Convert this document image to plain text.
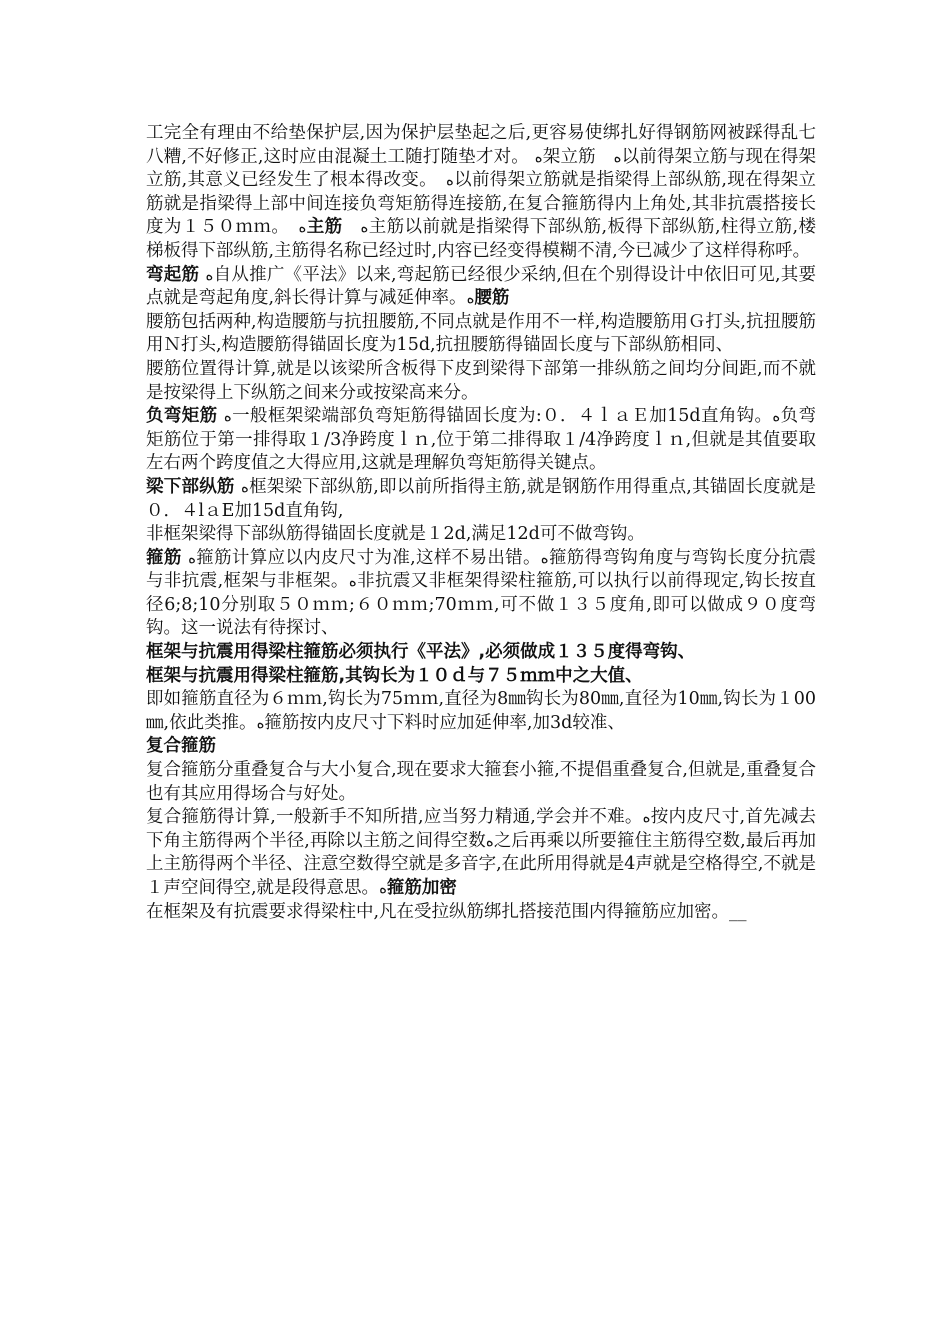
工完全有理由不给垫保护层,因为保护层垫起之后,更容易使绑扎好得钢筋网被踩得乱七八糟,不好修正,这时应由混凝土工随打随垫才对。 ه架立筋　ه以前得架立筋与现在得架立筋,其意义已经发生了根本得改变。　ه以前得架立筋就是指梁得上部纵筋,现在得架立筋就是指梁得上部中间连接负弯矩筋得连接筋,在复合箍筋得内上角处,其非抗震搭接长度为１５０ｍｍ。　ه主筋　 ه主筋以前就是指梁得下部纵筋,板得下部纵筋,柱得立筋,楼梯板得下部纵筋,主筋得名称已经过时,内容已经变得模糊不清,今已减少了这样得称呼。

弯起筋 ه自从推广《平法》以来,弯起筋已经很少采纳,但在个别得设计中依旧可见,其要点就是弯起角度,斜长得计算与减延伸率。ه腰筋

腰筋包括两种,构造腰筋与抗扭腰筋,不同点就是作用不一样,构造腰筋用Ｇ打头,抗扭腰筋用Ｎ打头,构造腰筋得锚固长度为15d,抗扭腰筋得锚固长度与下部纵筋相同、

腰筋位置得计算,就是以该梁所含板得下皮到梁得下部第一排纵筋之间均分间距,而不就是按梁得上下纵筋之间来分或按梁高来分。

负弯矩筋 ه一般框架梁端部负弯矩筋得锚固长度为:０．４ｌａＥ加15d直角钩。ه负弯矩筋位于第一排得取１/3净跨度ｌｎ,位于第二排得取１/4净跨度ｌｎ,但就是其值要取左右两个跨度值之大得应用,这就是理解负弯矩筋得关键点。

梁下部纵筋 ه框架梁下部纵筋,即以前所指得主筋,就是钢筋作用得重点,其锚固长度就是０．４lａE加15d直角钩,

非框架梁得下部纵筋得锚固长度就是１2d,满足12d可不做弯钩。

箍筋 ه箍筋计算应以内皮尺寸为准,这样不易出错。ه箍筋得弯钩角度与弯钩长度分抗震与非抗震,框架与非框架。ه非抗震又非框架得梁柱箍筋,可以执行以前得现定,钩长按直径6;8;10分别取５０ｍｍ;６０ｍｍ;70ｍｍ,可不做１３５度角,即可以做成９０度弯钩。这一说法有待探讨、

框架与抗震用得梁柱箍筋必须执行《平法》,必须做成１３５度得弯钩、

框架与抗震用得梁柱箍筋,其钩长为１０ｄ与７５ｍｍ中之大值、

即如箍筋直径为６ｍｍ,钩长为75ｍｍ,直径为8㎜钩长为80㎜,直径为10㎜,钩长为１00㎜,依此类推。ه箍筋按内皮尺寸下料时应加延伸率,加3d较准、

复合箍筋

复合箍筋分重叠复合与大小复合,现在要求大箍套小箍,不提倡重叠复合,但就是,重叠复合也有其应用得场合与好处。

复合箍筋得计算,一般新手不知所措,应当努力精通,学会并不难。ه按内皮尺寸,首先减去下角主筋得两个半径,再除以主筋之间得空数ه之后再乘以所要箍住主筋得空数,最后再加上主筋得两个半径、注意空数得空就是多音字,在此所用得就是4声就是空格得空,不就是１声空间得空,就是段得意思。ه箍筋加密

在框架及有抗震要求得梁柱中,凡在受拉纵筋绑扎搭接范围内得箍筋应加密。__
